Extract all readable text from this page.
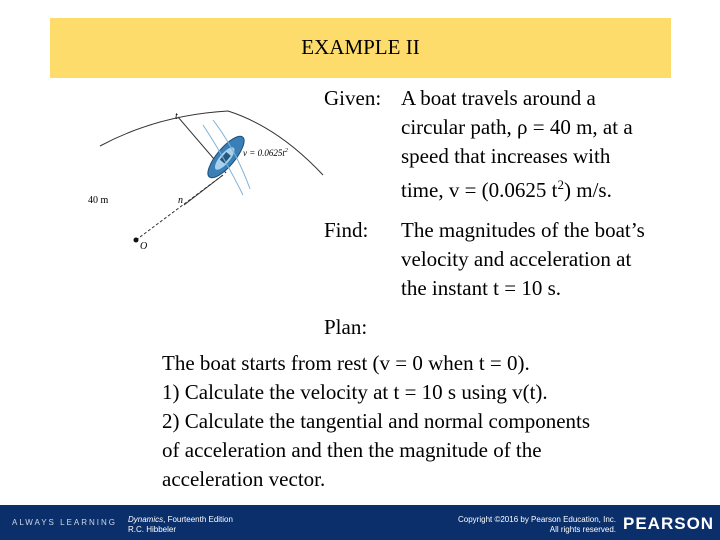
EXAMPLE II
t
n
40 m
O
$v = 0.0625t^2$
Given: A boat travels around a
circular path, ρ = 40 m, at a
speed that increases with
time, v = (0.0625 $t^2$) m/s.
Find: The magnitudes of the boat’s
velocity and acceleration at
the instant t = 10 s.
Plan:
The boat starts from rest (v = 0 when t = 0).
1) Calculate the velocity at t = 10 s using v(t).
2) Calculate the tangential and normal components
of acceleration and then the magnitude of the
acceleration vector.
ALWAYS LEARNING Dynamics, Fourteenth Edition
R.C. Hibbeler
Copyright ©2016 by Pearson Education, Inc.
All rights reserved. PEARSON
